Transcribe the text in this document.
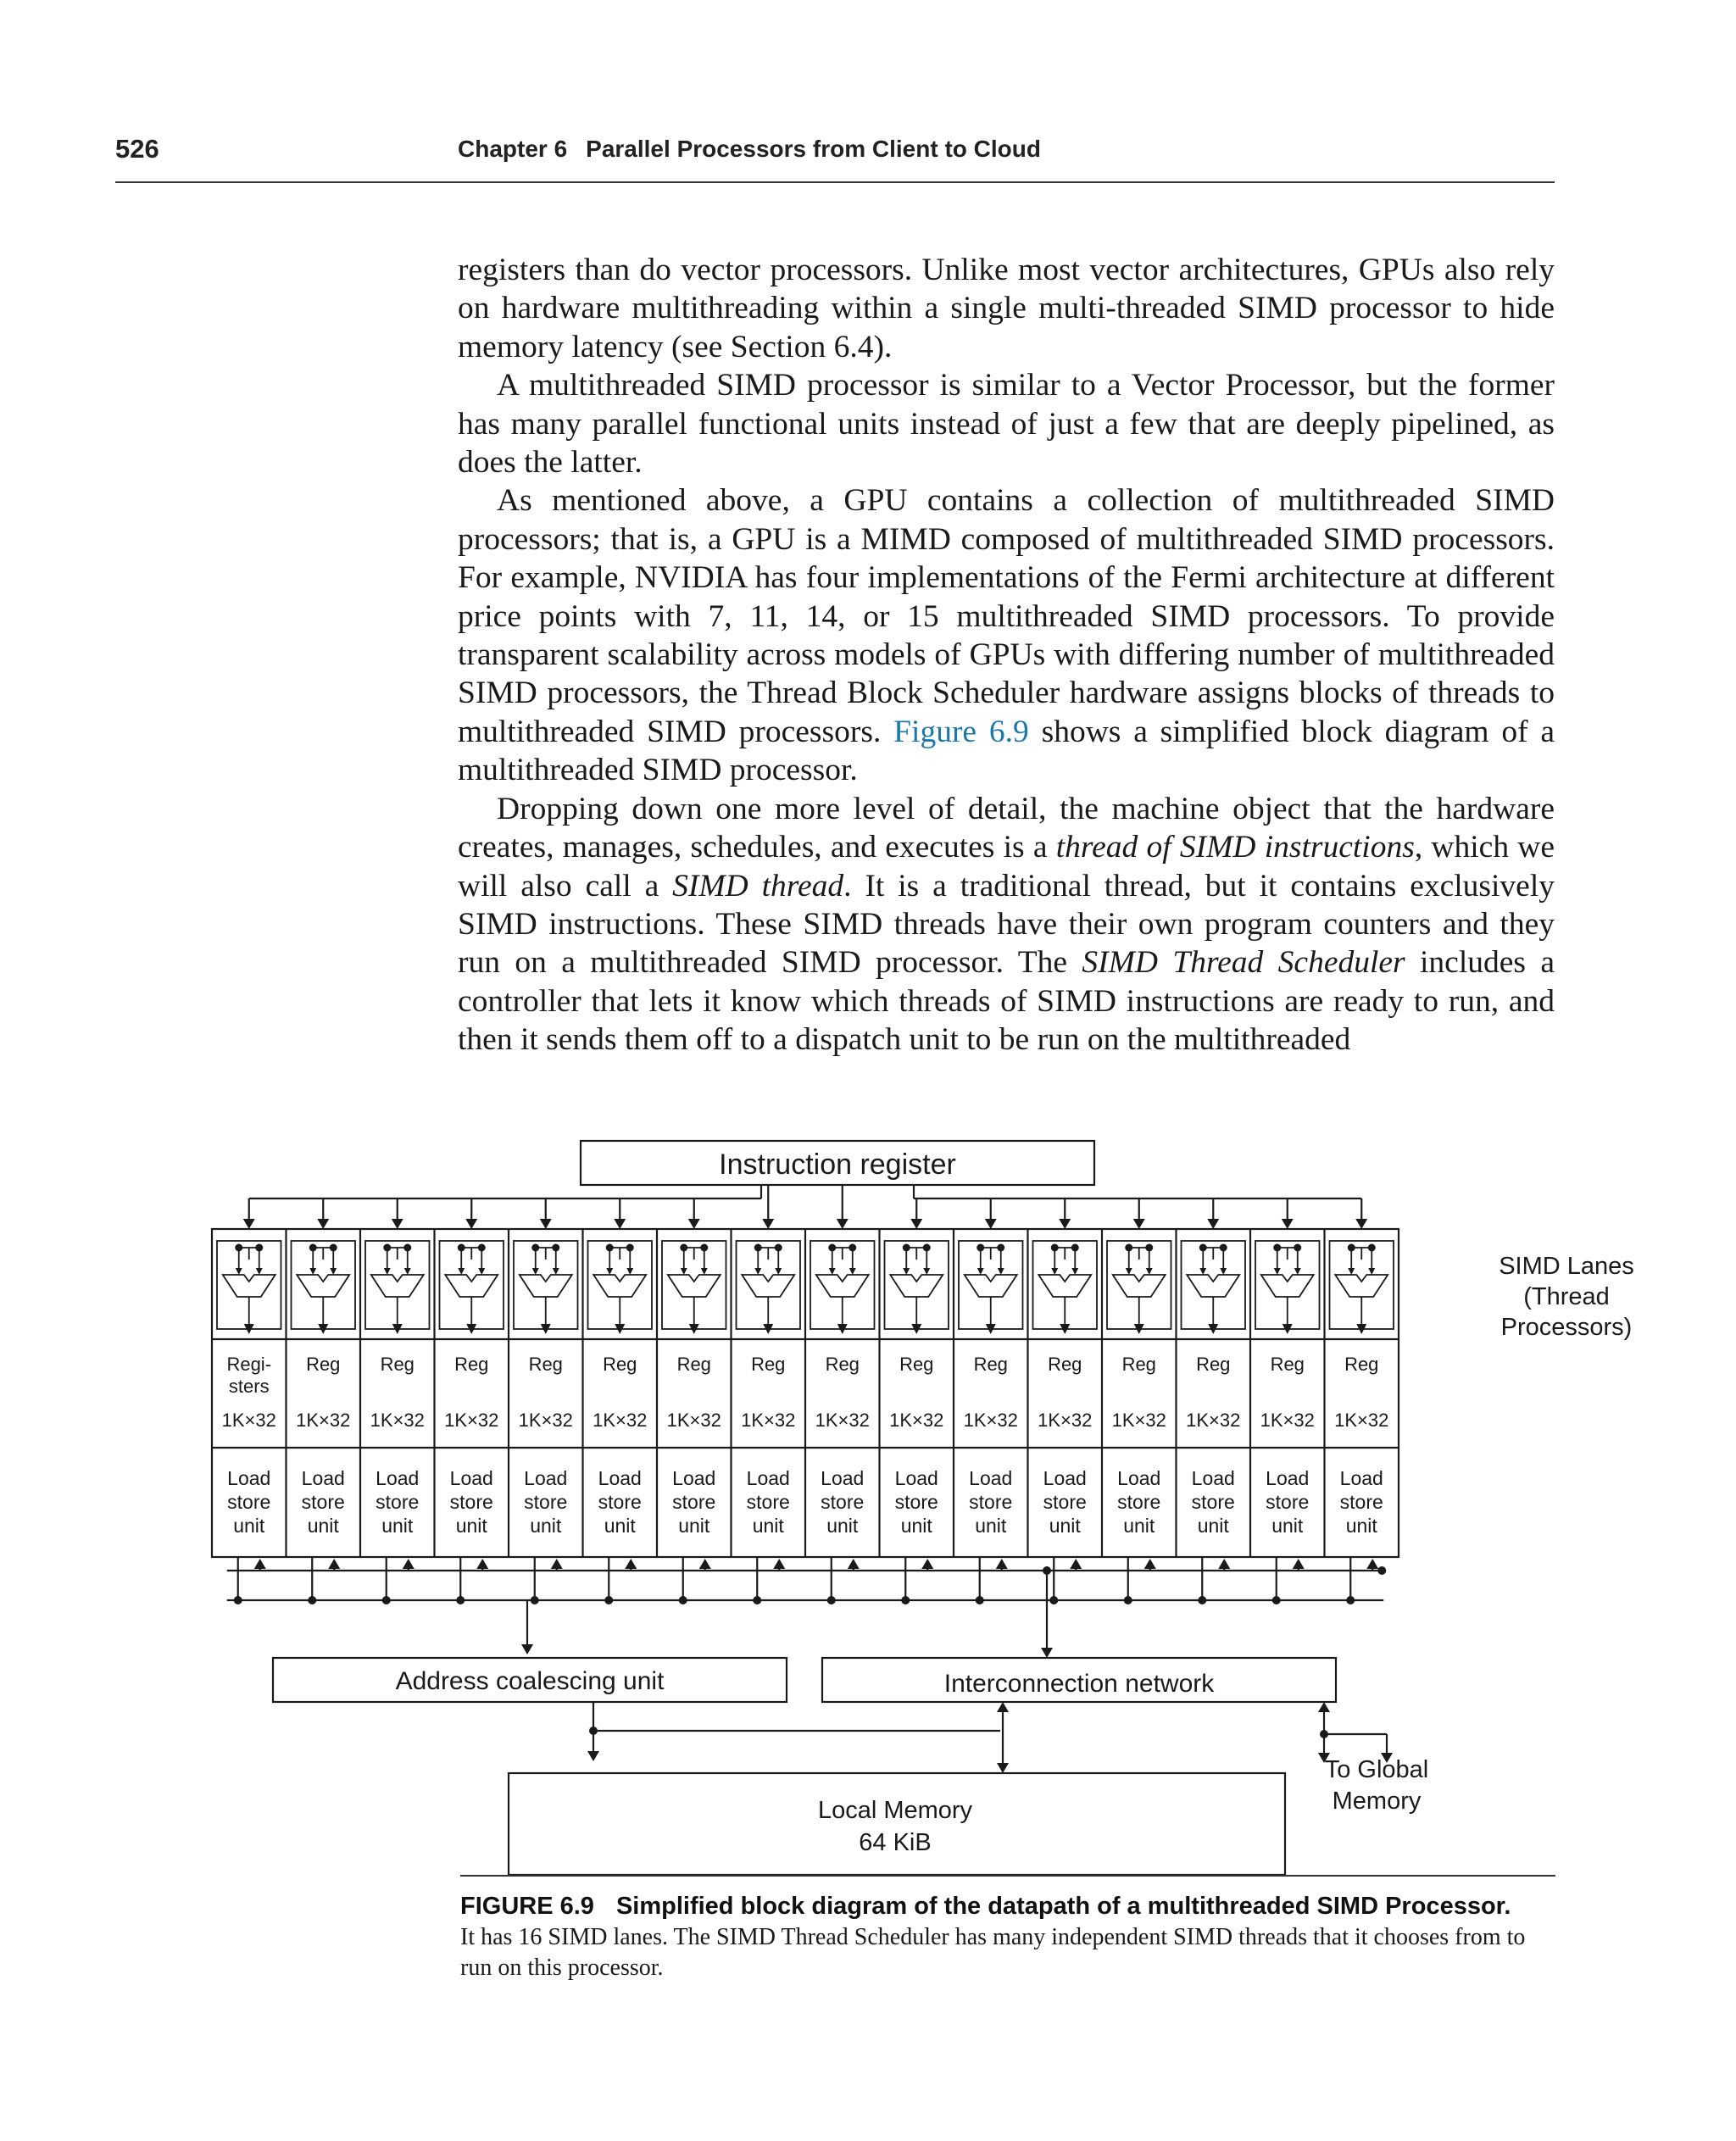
526	Chapter 6 Parallel Processors from Client to Cloud

registers than do vector processors. Unlike most vector architectures, GPUs also rely on hardware multithreading within a single multi-threaded SIMD processor to hide memory latency (see Section 6.4).

A multithreaded SIMD processor is similar to a Vector Processor, but the former has many parallel functional units instead of just a few that are deeply pipelined, as does the latter.

As mentioned above, a GPU contains a collection of multithreaded SIMD processors; that is, a GPU is a MIMD composed of multithreaded SIMD processors. For example, NVIDIA has four implementations of the Fermi architecture at different price points with 7, 11, 14, or 15 multithreaded SIMD processors. To provide transparent scalability across models of GPUs with differing number of multithreaded SIMD processors, the Thread Block Scheduler hardware assigns blocks of threads to multithreaded SIMD processors. Figure 6.9 shows a simplified block diagram of a multithreaded SIMD processor.

Dropping down one more level of detail, the machine object that the hardware creates, manages, schedules, and executes is a thread of SIMD instructions, which we will also call a SIMD thread. It is a traditional thread, but it contains exclusively SIMD instructions. These SIMD threads have their own program counters and they run on a multithreaded SIMD processor. The SIMD Thread Scheduler includes a controller that lets it know which threads of SIMD instructions are ready to run, and then it sends them off to a dispatch unit to be run on the multithreaded

Instruction register
Regi-
sters
1K×32
Load
store
unit
Reg
1K×32
Load
store
unit
Reg
1K×32
Load
store
unit
Reg
1K×32
Load
store
unit
Reg
1K×32
Load
store
unit
Reg
1K×32
Load
store
unit
Reg
1K×32
Load
store
unit
Reg
1K×32
Load
store
unit
Reg
1K×32
Load
store
unit
Reg
1K×32
Load
store
unit
Reg
1K×32
Load
store
unit
Reg
1K×32
Load
store
unit
Reg
1K×32
Load
store
unit
Reg
1K×32
Load
store
unit
Reg
1K×32
Load
store
unit
Reg
1K×32
Load
store
unit
SIMD Lanes
(Thread
Processors)
Address coalescing unit	Interconnection network
To Global
Memory
Local Memory
64 KiB
FIGURE 6.9 Simplified block diagram of the datapath of a multithreaded SIMD Processor.
It has 16 SIMD lanes. The SIMD Thread Scheduler has many independent SIMD threads that it chooses from to run on this processor.
